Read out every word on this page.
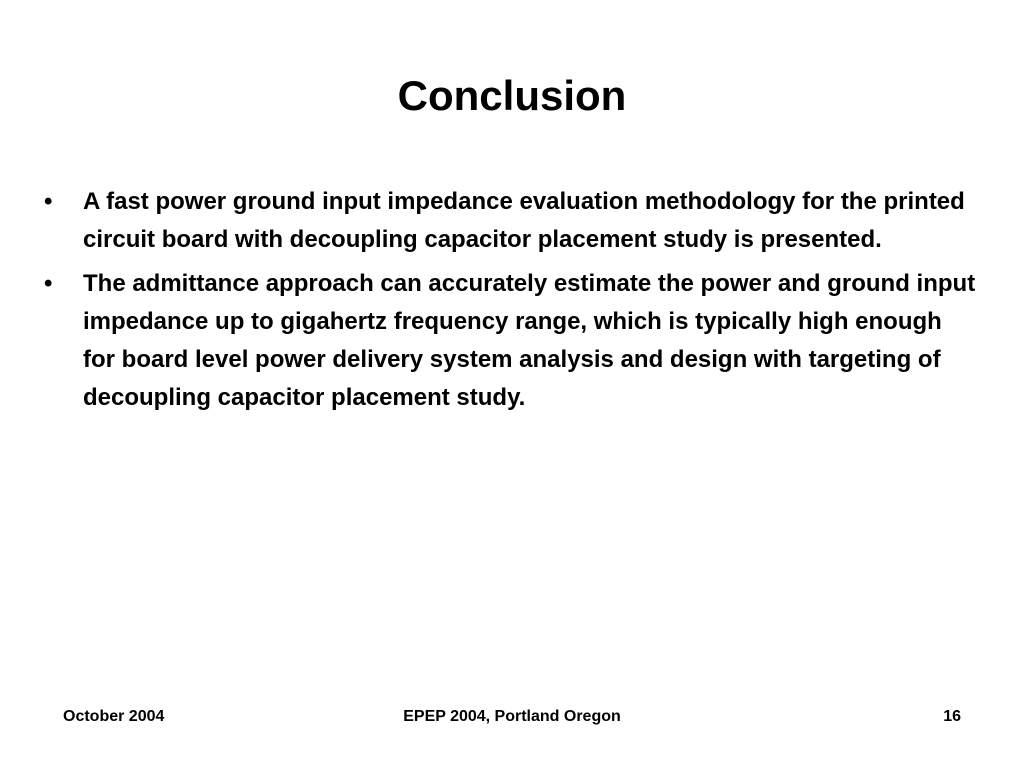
Conclusion
• A fast power ground input impedance evaluation methodology for the printed circuit board with decoupling capacitor placement study is presented.
• The admittance approach can accurately estimate the power and ground input impedance up to gigahertz frequency range, which is typically high enough for board level power delivery system analysis and design with targeting of decoupling capacitor placement study.
EPEP 2004, Portland Oregon
October 2004	16
